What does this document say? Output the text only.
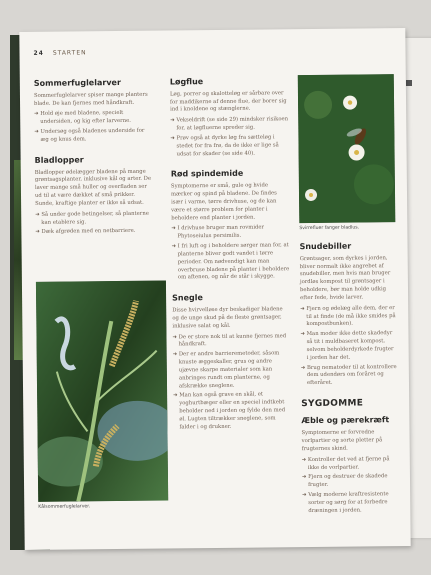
24 STARTEN
Sommerfuglelarver

Sommerfuglelarver spiser mange planters blade. De kan fjernes med håndkraft.

➜ Hold øje med bladene, specielt undersiden, og kig efter larverne.

➜ Undersøg også bladenes underside for æg og knus dem.

Bladlopper

Bladlopper ødelægger bladene på mange grøntsagsplanter, inklusive kål og arter. De laver mange små huller og overfladen ser ud til at være dækket af små prikker. Sunde, kraftige planter er ikke så udsat.

➜ Så under gode betingelser, så planterne kan etablere sig.

➜ Dæk afgrøden med en netbarriere.

Kålsommerfuglelarver.
Løgflue

Løg, porrer og skalotteløg er sårbare over for maddikerne af denne flue, der borer sig ind i knoldene og stænglerne.

➜ Vekseldrift (se side 29) mindsker risikoen for, at løgfluerne spreder sig.

➜ Prøv også at dyrke løg fra sætteløg i stedet for fra frø, da de ikke er lige så udsat for skader (se side 40).

Rød spindemide

Symptomerne er små, gule og hvide mærker og spind på bladene. De findes især i varme, tørre drivhuse, og de kan være et større problem for planter i beholdere end planter i jorden.

➜ I drivhuse bruger man rovmider Phytoseiulus persimilis.

➜ I fri luft og i beholdere sørger man for, at planterne bliver godt vandet i tørre perioder. Om nødvendigt kan man overbruse bladene på planter i beholdere om aftenen, og når de står i skygge.

Snegle

Disse hvirvelløse dyr beskadiger bladene og de unge skud på de fleste grøntsager, inklusive salat og kål.

➜ De er store nok til at kunne fjernes med håndkraft.

➜ Der er andre barrieremetoder, såsom knuste æggeskaller, grus og andre ujævne skarpe materialer som kan anbringes rundt om planterne, og afskrække sneglene.

➜ Man kan også grave en skål, et yoghurtbæger eller en speciel indtkebt beholder ned i jorden og fylde den med øl. Lugten tiltrækker sneglene, som falder i og drukner.

Svirrefluer fanger bladlus.
Snudebiller

Grøntsager, som dyrkes i jorden, bliver normalt ikke angrebet af snudebiller, men hvis man bruger jordløs kompost til grøntsager i beholdere, bør man holde udkig efter fede, hvide larver.

➜ Fjern og ødelæg alle dem, der er til at finde (de må ikke smides på kompostbunken).

➜ Man moder ikke dette skadedyr så tit i muldbaseret kompost, selvom beholderdyrkede frugter i jorden har det.

➜ Brug nematoder til at kontrollere dem udendørs om foråret og efteråret.

SYGDOMME
Æble og pærekræft

Symptomerne er forvredne vorlpartier og sorte pletter på frugternes skind.

➜ Kontroller det ved at fjerne på ikke de vorlpartier.

➜ Fjern og destruer de skadede frugter.

➜ Vælg moderne kraftresistente sorter og sørg for at forbedre dræningen i jorden.
